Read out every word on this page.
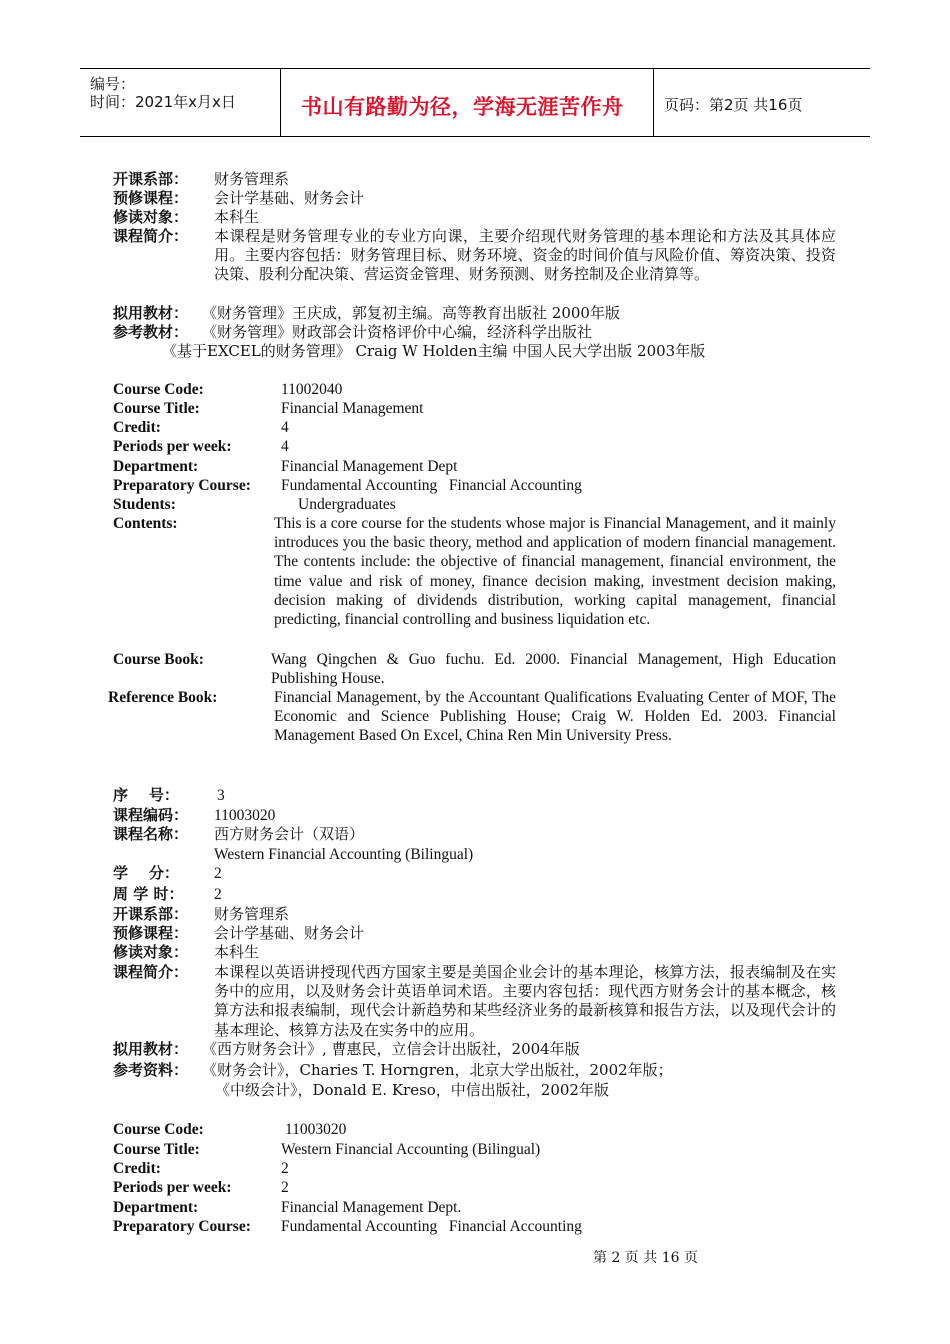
编号：
时间：2021年x月x日	书山有路勤为径，学海无涯苦作舟	页码：第2页 共16页
开课系部： 财务管理系
预修课程： 会计学基础、财务会计
修读对象： 本科生
课程简介： 本课程是财务管理专业的专业方向课，主要介绍现代财务管理的基本理论和方法及其具体应用。主要内容包括：财务管理目标、财务环境、资金的时间价值与风险价值、筹资决策、投资决策、股利分配决策、营运资金管理、财务预测、财务控制及企业清算等。
拟用教材： 《财务管理》王庆成，郭复初主编。高等教育出版社 2000年版
参考教材： 《财务管理》财政部会计资格评价中心编，经济科学出版社
《基于EXCEL的财务管理》 Craig W Holden主编 中国人民大学出版 2003年版
Course Code:	11002040
Course Title:	Financial Management
Credit:	4
Periods per week:	4
Department:	Financial Management Dept
Preparatory Course: Fundamental Accounting   Financial Accounting
Students:	Undergraduates
Contents:	This is a core course for the students whose major is Financial Management, and it mainly introduces you the basic theory, method and application of modern financial management. The contents include: the objective of financial management, financial environment, the time value and risk of money, finance decision making, investment decision making, decision making of dividends distribution, working capital management, financial predicting, financial controlling and business liquidation etc.
Course Book:	Wang Qingchen & Guo fuchu. Ed. 2000. Financial Management, High Education Publishing House.
Reference Book:	Financial Management, by the Accountant Qualifications Evaluating Center of MOF, The Economic and Science Publishing House; Craig W. Holden Ed. 2003. Financial Management Based On Excel, China Ren Min University Press.
序    号： 3
课程编码： 11003020
课程名称： 西方财务会计（双语）
Western Financial Accounting (Bilingual)
学    分： 2
周 学 时： 2
开课系部： 财务管理系
预修课程： 会计学基础、财务会计
修读对象： 本科生
课程简介： 本课程以英语讲授现代西方国家主要是美国企业会计的基本理论，核算方法，报表编制及在实务中的应用，以及财务会计英语单词术语。主要内容包括：现代西方财务会计的基本概念，核算方法和报表编制，现代会计新趋势和某些经济业务的最新核算和报告方法，以及现代会计的基本理论、核算方法及在实务中的应用。
拟用教材： 《西方财务会计》, 曹惠民，立信会计出版社，2004年版
参考资料： 《财务会计》，Charies T. Horngren，北京大学出版社，2002年版；
《中级会计》，Donald E. Kreso，中信出版社，2002年版
Course Code:	11003020
Course Title:	Western Financial Accounting (Bilingual)
Credit:	2
Periods per week:	2
Department:	Financial Management Dept.
Preparatory Course: Fundamental Accounting   Financial Accounting
第 2 页 共 16 页
